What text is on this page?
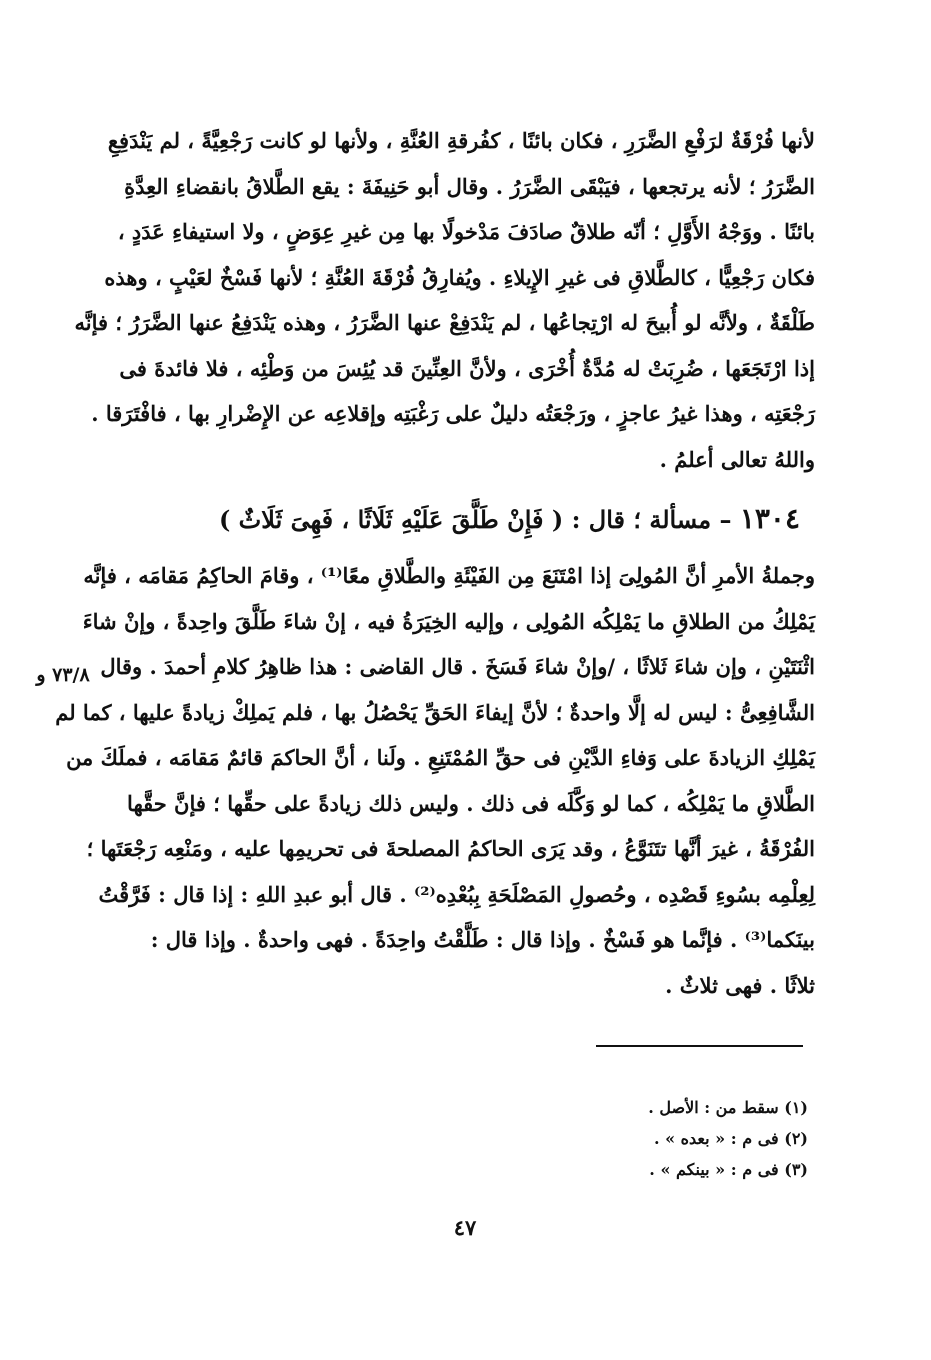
لأنها فُرْقَةٌ لرَفْعِ الضَّرَرِ ، فكان بائنًا ، كفُرقةِ العُنَّةِ ، ولأنها لو كانت رَجْعِيَّةً ، لم يَنْدَفِعِ
الضَّرَرُ ؛ لأنه يرتجعها ، فيَبْقَى الضَّرَرُ . وقال أبو حَنِيفَةَ : يقع الطَّلاقُ بانقضاءِ العِدَّةِ
بائنًا . ووَجْهُ الأَوَّلِ ؛ أنّه طلاقٌ صادَفَ مَدْخولًا بها مِن غيرِ عِوَضٍ ، ولا استيفاءِ عَدَدٍ ،
فكان رَجْعِيًّا ، كالطَّلاقِ فى غيرِ الإِيلاءِ . ويُفارِقُ فُرْقَةَ العُنَّةِ ؛ لأنها فَسْخٌ لعَيْبٍ ، وهذه
طَلْقَةٌ ، ولأنَّه لو أُبيحَ له ارْتِجاعُها ، لم يَنْدَفِعْ عنها الضَّرَرُ ، وهذه يَنْدَفِعُ عنها الضَّرَرُ ؛ فإنَّه
إذا ارْتَجَعَها ، ضُرِبَتْ له مُدَّةٌ أُخْرَى ، ولأنَّ العِنِّينَ قد يُئِسَ من وَطْئِه ، فلا فائدةَ فى
رَجْعَتِه ، وهذا غيرُ عاجزٍ ، ورَجْعَتُه دليلٌ على رَغْبَتِه وإقلاعِه عن الإِضْرارِ بها ، فافْتَرَقا .
واللهُ تعالى أعلمُ .
١٣٠٤ – مسألة ؛ قال : ( فَإِنْ طَلَّقَ عَلَيْهِ ثَلَاثًا ، فَهِىَ ثَلَاثٌ )
وجملةُ الأمرِ أنَّ المُولِىَ إذا امْتَنَعَ مِن الفَيْئَةِ والطَّلاقِ معًا⁽¹⁾ ، وقامَ الحاكِمُ مَقامَه ، فإنَّه
يَمْلِكُ من الطلاقِ ما يَمْلِكُه المُولِى ، وإليه الخِيَرَةُ فيه ، إنْ شاءَ طَلَّقَ واحِدةً ، وإنْ شاءَ
اثْنَتَيْنِ ، وإن شاءَ ثَلاثًا ، /وإنْ شاءَ فَسَخَ . قال القاضى : هذا ظاهِرُ كلامِ أحمدَ . وقال
الشَّافِعِىُّ : ليس له إلَّا واحدةٌ ؛ لأنَّ إيفاءَ الحَقِّ يَحْصُلُ بها ، فلم يَملِكْ زيادةً عليها ، كما لم
يَمْلِكِ الزيادةَ على وَفاءِ الدَّيْنِ فى حقِّ المُمْتَنِعِ . ولَنا ، أنَّ الحاكمَ قائمٌ مَقامَه ، فملَكَ من
الطَّلاقِ ما يَمْلِكُه ، كما لو وَكَّلَه فى ذلك . وليس ذلك زيادةً على حقِّها ؛ فإنَّ حقَّها
الفُرْقَةُ ، غيرَ أنَّها تتَنَوَّعُ ، وقد يَرَى الحاكمُ المصلحةَ فى تحريمِها عليه ، ومَنْعِه رَجْعَتَها ؛
لِعِلْمِه بسُوءِ قَصْدِه ، وحُصولِ المَصْلَحَةِ بِبُعْدِه⁽²⁾ . قال أبو عبدِ اللهِ : إذا قال : فَرَّقْتُ
بينَكما⁽³⁾ . فإنَّما هو فَسْخٌ . وإذا قال : طَلَّقْتُ واحِدَةً . فهى واحدةٌ . وإذا قال :
ثلاثًا . فهى ثلاثٌ .
٧٣/٨ و
(١) سقط من : الأصل .
(٢) فى م : « بعده » .
(٣) فى م : « بينكم » .
٤٧
